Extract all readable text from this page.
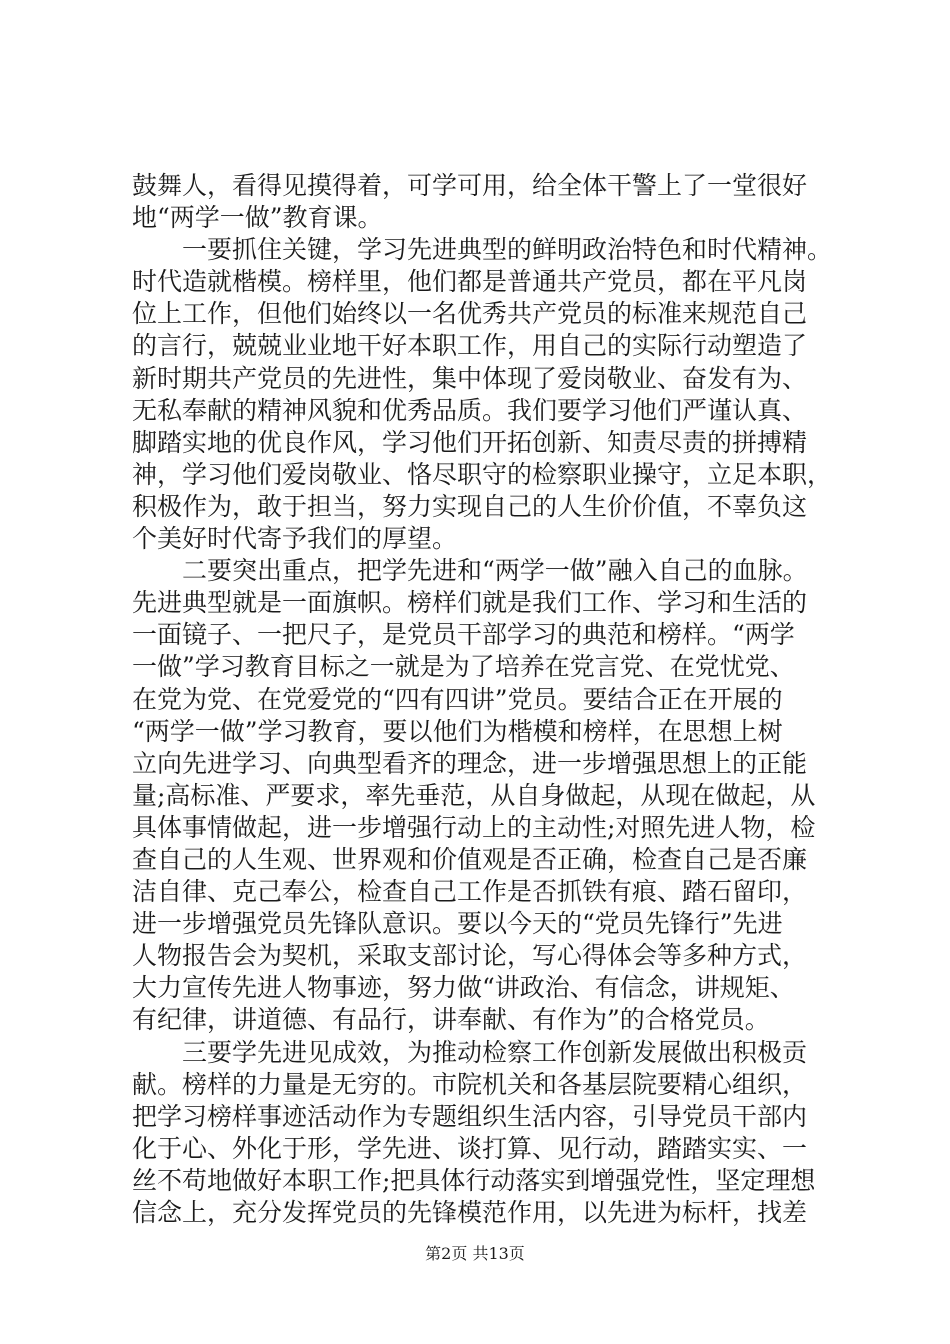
鼓舞人，看得见摸得着，可学可用，给全体干警上了一堂很好
地“两学一做”教育课。
　　一要抓住关键，学习先进典型的鲜明政治特色和时代精神。
时代造就楷模。榜样里，他们都是普通共产党员，都在平凡岗
位上工作，但他们始终以一名优秀共产党员的标准来规范自己
的言行，兢兢业业地干好本职工作，用自己的实际行动塑造了
新时期共产党员的先进性，集中体现了爱岗敬业、奋发有为、
无私奉献的精神风貌和优秀品质。我们要学习他们严谨认真、
脚踏实地的优良作风，学习他们开拓创新、知责尽责的拼搏精
神，学习他们爱岗敬业、恪尽职守的检察职业操守，立足本职，
积极作为，敢于担当，努力实现自己的人生价价值，不辜负这
个美好时代寄予我们的厚望。
　　二要突出重点，把学先进和“两学一做”融入自己的血脉。
先进典型就是一面旗帜。榜样们就是我们工作、学习和生活的
一面镜子、一把尺子，是党员干部学习的典范和榜样。“两学
一做”学习教育目标之一就是为了培养在党言党、在党忧党、
在党为党、在党爱党的“四有四讲”党员。要结合正在开展的
“两学一做”学习教育，要以他们为楷模和榜样，在思想上树
立向先进学习、向典型看齐的理念，进一步增强思想上的正能
量;高标准、严要求，率先垂范，从自身做起，从现在做起，从
具体事情做起，进一步增强行动上的主动性;对照先进人物，检
查自己的人生观、世界观和价值观是否正确，检查自己是否廉
洁自律、克己奉公，检查自己工作是否抓铁有痕、踏石留印，
进一步增强党员先锋队意识。要以今天的“党员先锋行”先进
人物报告会为契机，采取支部讨论，写心得体会等多种方式，
大力宣传先进人物事迹，努力做“讲政治、有信念，讲规矩、
有纪律，讲道德、有品行，讲奉献、有作为”的合格党员。
　　三要学先进见成效，为推动检察工作创新发展做出积极贡
献。榜样的力量是无穷的。市院机关和各基层院要精心组织，
把学习榜样事迹活动作为专题组织生活内容，引导党员干部内
化于心、外化于形，学先进、谈打算、见行动，踏踏实实、一
丝不苟地做好本职工作;把具体行动落实到增强党性，坚定理想
信念上，充分发挥党员的先锋模范作用，以先进为标杆，找差
第2页 共13页
